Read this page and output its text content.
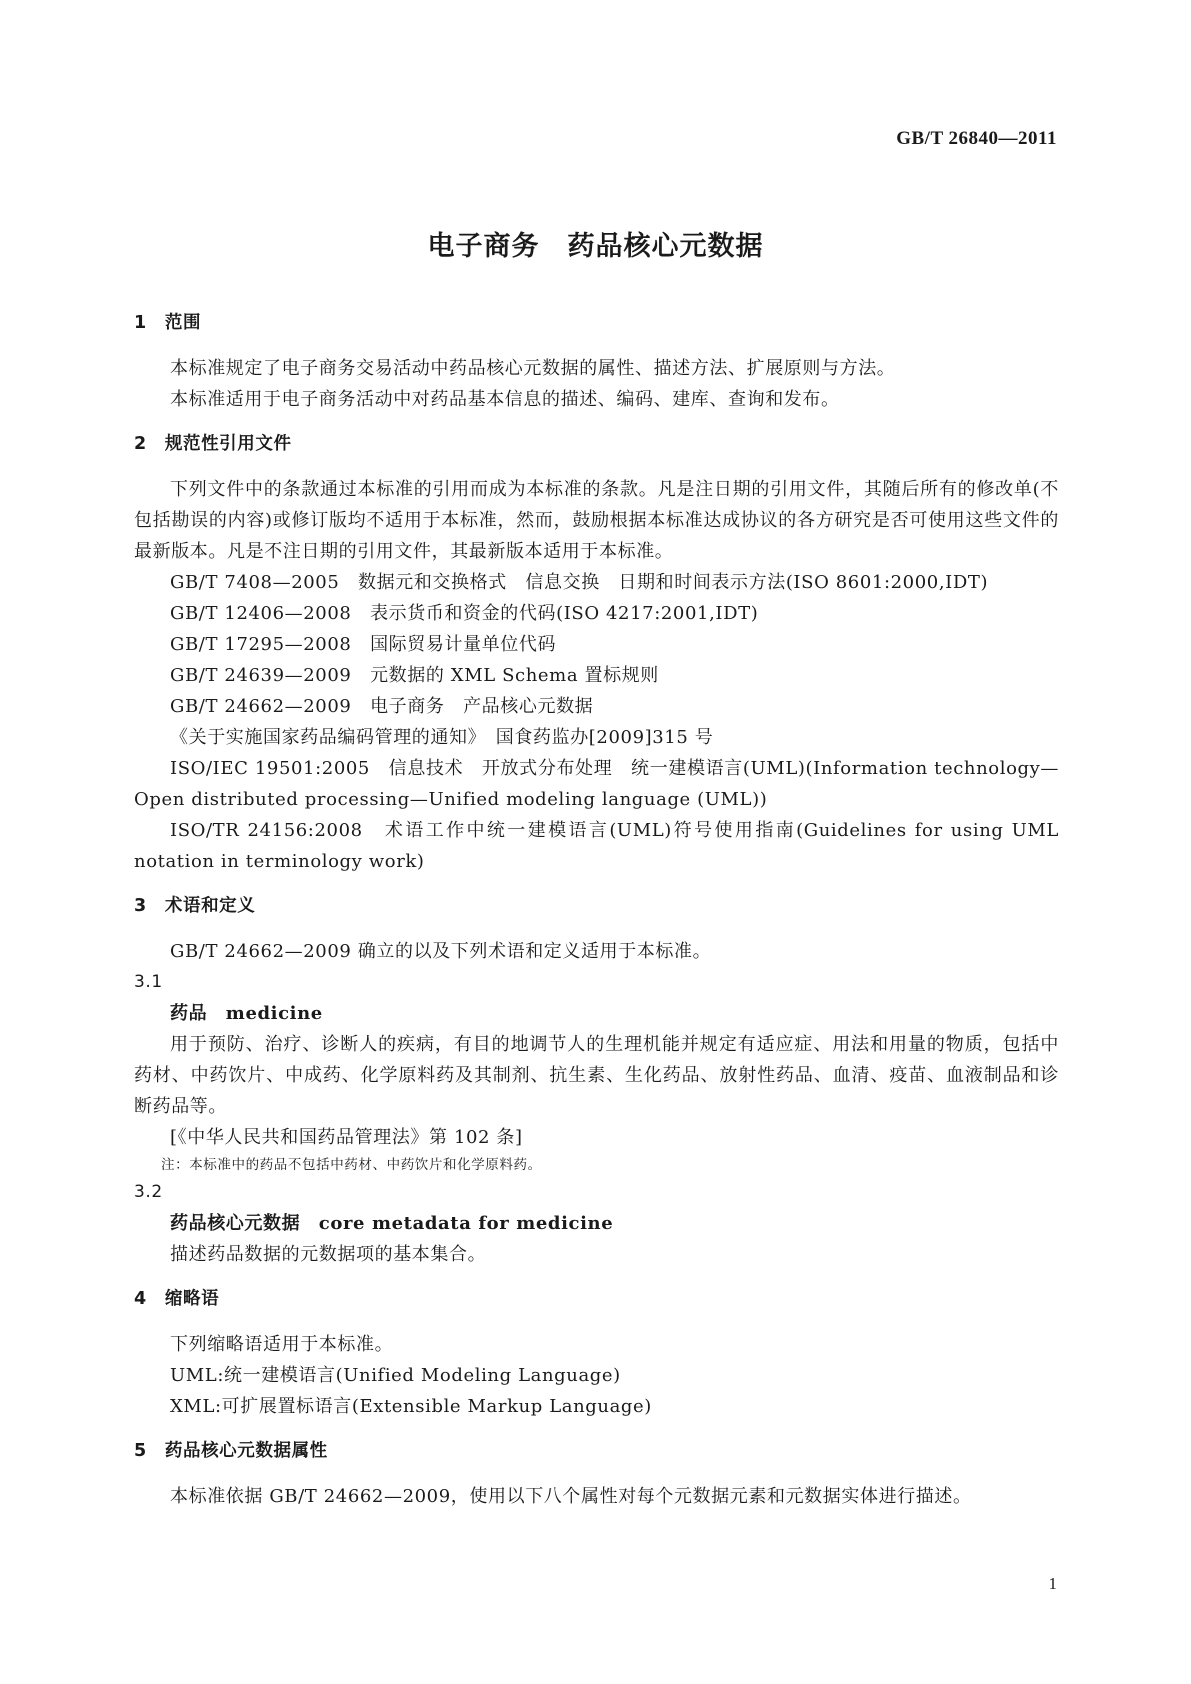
GB/T 26840—2011
电子商务　药品核心元数据
1　范围

本标准规定了电子商务交易活动中药品核心元数据的属性、描述方法、扩展原则与方法。

本标准适用于电子商务活动中对药品基本信息的描述、编码、建库、查询和发布。

2　规范性引用文件

下列文件中的条款通过本标准的引用而成为本标准的条款。凡是注日期的引用文件，其随后所有的修改单(不包括勘误的内容)或修订版均不适用于本标准，然而，鼓励根据本标准达成协议的各方研究是否可使用这些文件的最新版本。凡是不注日期的引用文件，其最新版本适用于本标准。

GB/T 7408—2005　数据元和交换格式　信息交换　日期和时间表示方法(ISO 8601:2000,IDT)

GB/T 12406—2008　表示货币和资金的代码(ISO 4217:2001,IDT)

GB/T 17295—2008　国际贸易计量单位代码

GB/T 24639—2009　元数据的 XML Schema 置标规则

GB/T 24662—2009　电子商务　产品核心元数据

《关于实施国家药品编码管理的通知》　国食药监办[2009]315 号

ISO/IEC 19501:2005　信息技术　开放式分布处理　统一建模语言(UML)(Information technology—Open distributed processing—Unified modeling language (UML))

ISO/TR 24156:2008　术语工作中统一建模语言(UML)符号使用指南(Guidelines for using UML notation in terminology work)

3　术语和定义

GB/T 24662—2009 确立的以及下列术语和定义适用于本标准。

3.1
药品　medicine

用于预防、治疗、诊断人的疾病，有目的地调节人的生理机能并规定有适应症、用法和用量的物质，包括中药材、中药饮片、中成药、化学原料药及其制剂、抗生素、生化药品、放射性药品、血清、疫苗、血液制品和诊断药品等。

[《中华人民共和国药品管理法》第 102 条]

注：本标准中的药品不包括中药材、中药饮片和化学原料药。
3.2
药品核心元数据　core metadata for medicine

描述药品数据的元数据项的基本集合。

4　缩略语

下列缩略语适用于本标准。

UML:统一建模语言(Unified Modeling Language)

XML:可扩展置标语言(Extensible Markup Language)

5　药品核心元数据属性

本标准依据 GB/T 24662—2009，使用以下八个属性对每个元数据元素和元数据实体进行描述。

1
